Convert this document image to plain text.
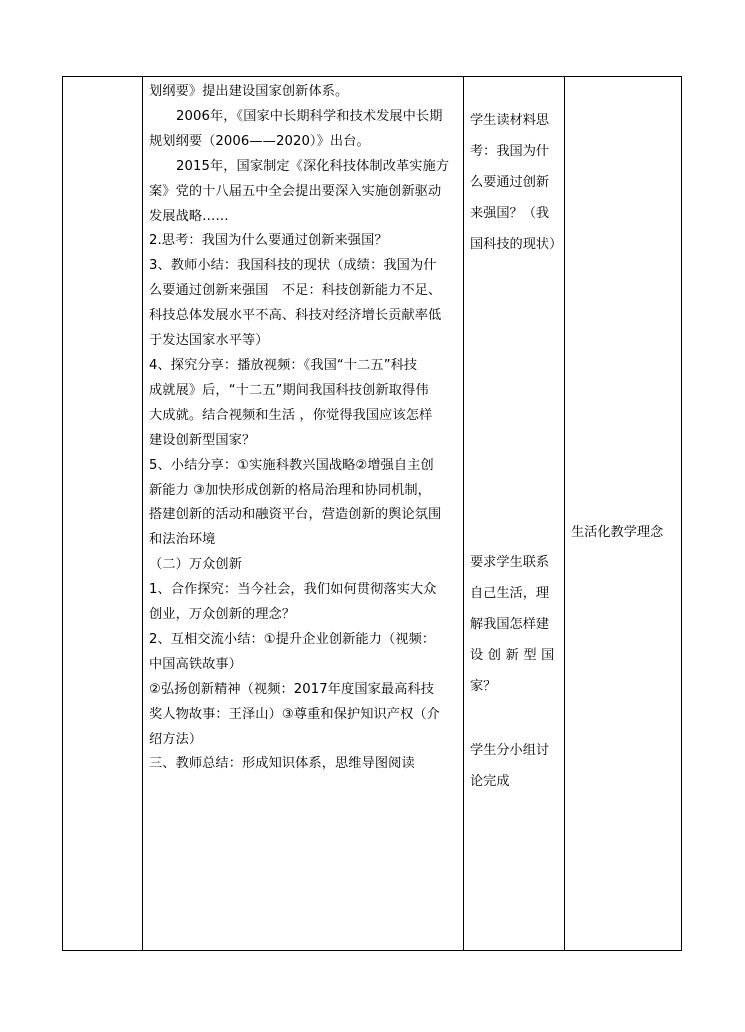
划纲要》提出建设国家创新体系。
2006年，《国家中长期科学和技术发展中长期
规划纲要（2006——2020）》出台。
2015年，国家制定《深化科技体制改革实施方
案》党的十八届五中全会提出要深入实施创新驱动
发展战略……
2.思考：我国为什么要通过创新来强国？
3、教师小结：我国科技的现状（成绩：我国为什
么要通过创新来强国　不足：科技创新能力不足、
科技总体发展水平不高、科技对经济增长贡献率低
于发达国家水平等）
4、探究分享：播放视频：《我国“十二五”科技
成就展》后，“十二五”期间我国科技创新取得伟
大成就。结合视频和生活 ，你觉得我国应该怎样
建设创新型国家？
5、小结分享：①实施科教兴国战略②增强自主创
新能力 ③加快形成创新的格局治理和协同机制，
搭建创新的活动和融资平台，营造创新的舆论氛围
和法治环境
（二）万众创新
1、合作探究：当今社会，我们如何贯彻落实大众
创业，万众创新的理念？
2、互相交流小结：①提升企业创新能力（视频：
中国高铁故事）
②弘扬创新精神（视频：2017年度国家最高科技
奖人物故事：王泽山）③尊重和保护知识产权（介
绍方法）
三、教师总结：形成知识体系，思维导图阅读
学生读材料思
考：我国为什
么要通过创新
来强国？（我
国科技的现状）
要求学生联系
自己生活，理
解我国怎样建
设创新型国
家？
学生分小组讨
论完成
生活化教学理念
